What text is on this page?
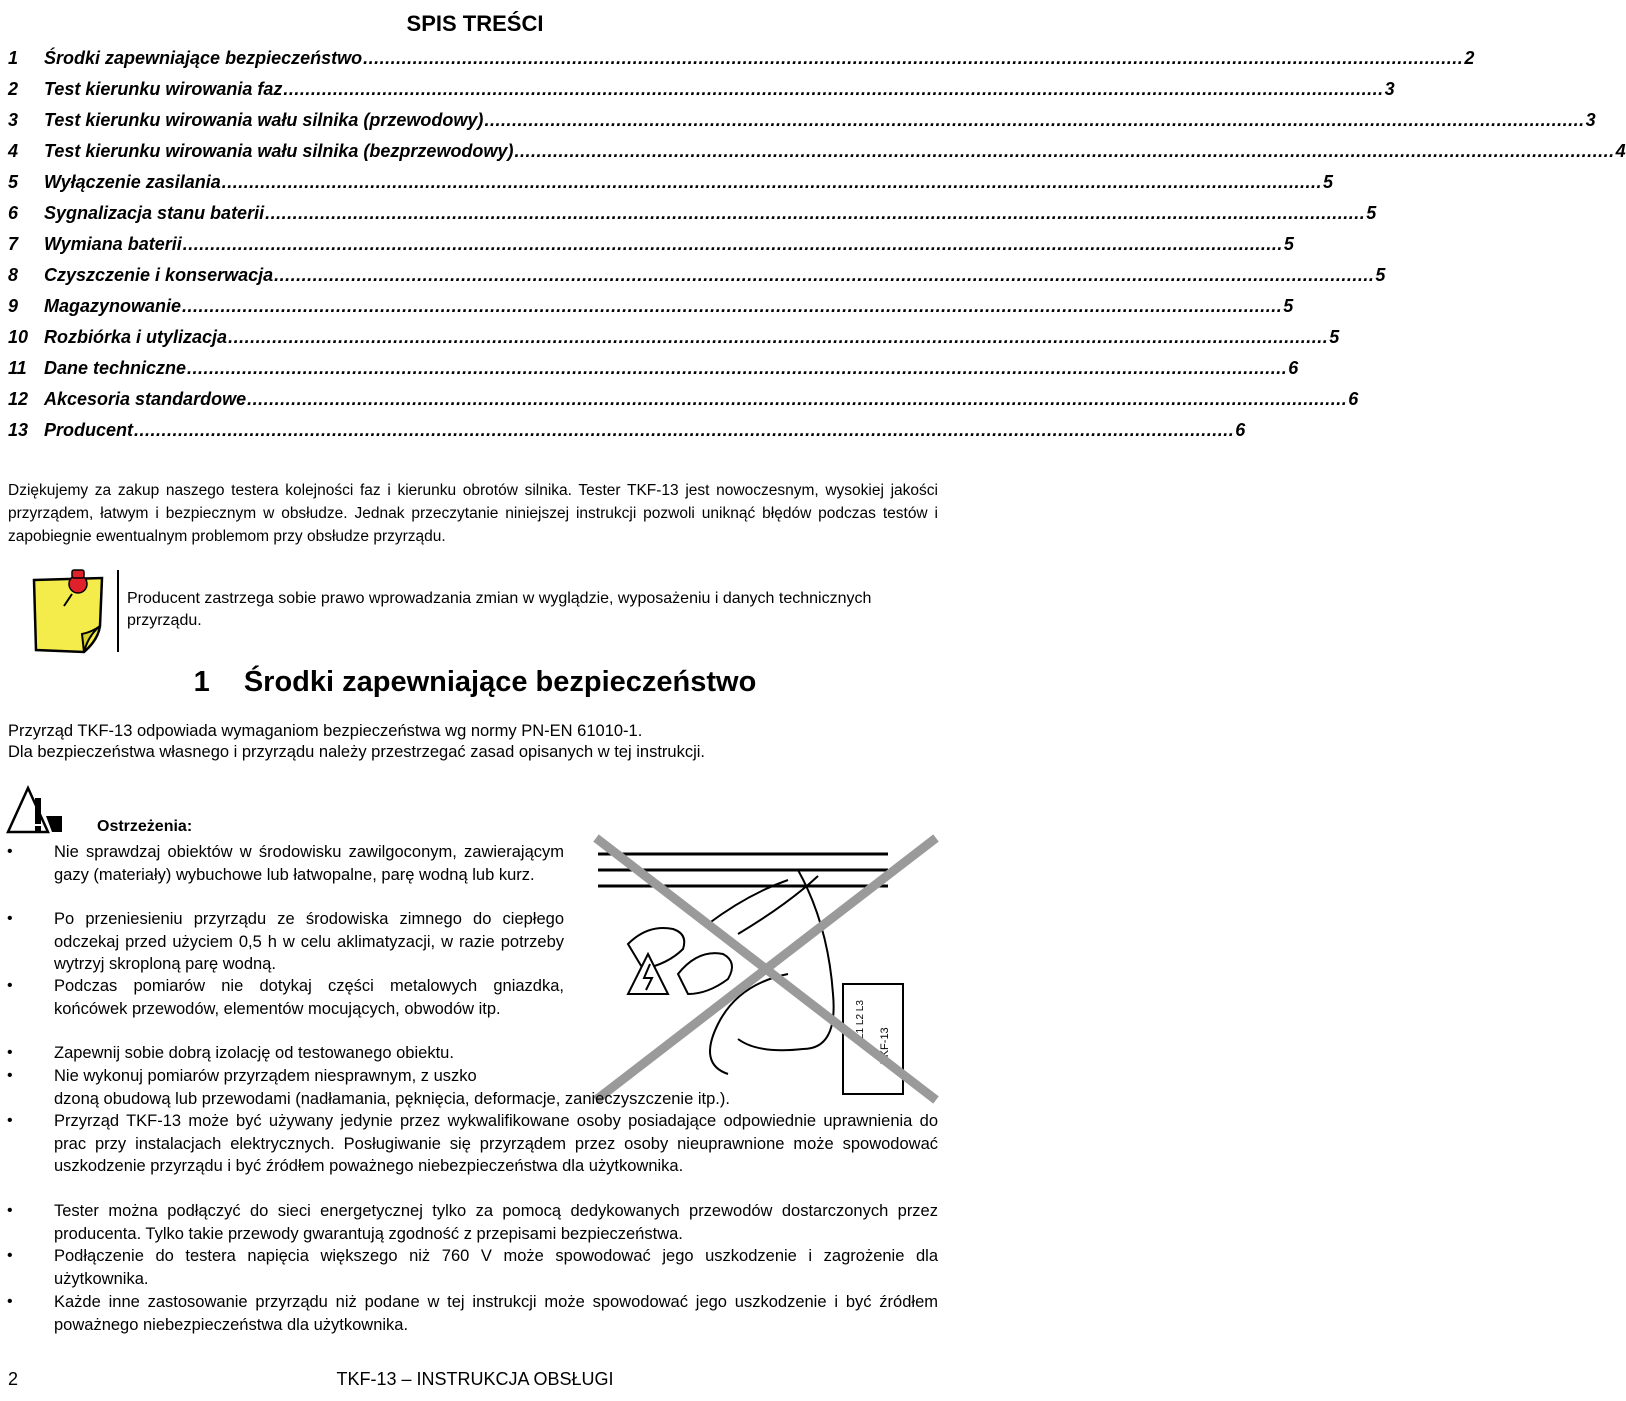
SPIS TREŚCI
1	Środki zapewniające bezpieczeństwo ........................................................................................................................................................................................................ 2
2	Test kierunku wirowania faz ........................................................................................................................................................................................................ 3
3	Test kierunku wirowania wału silnika (przewodowy) ........................................................................................................................................................................................................ 3
4	Test kierunku wirowania wału silnika (bezprzewodowy) ........................................................................................................................................................................................................ 4
5	Wyłączenie zasilania ........................................................................................................................................................................................................ 5
6	Sygnalizacja stanu baterii ........................................................................................................................................................................................................ 5
7	Wymiana baterii ........................................................................................................................................................................................................ 5
8	Czyszczenie i konserwacja ........................................................................................................................................................................................................ 5
9	Magazynowanie ........................................................................................................................................................................................................ 5
10 Rozbiórka i utylizacja ........................................................................................................................................................................................................ 5
11 Dane techniczne ........................................................................................................................................................................................................ 6
12 Akcesoria standardowe ........................................................................................................................................................................................................ 6
13 Producent ........................................................................................................................................................................................................ 6
Dziękujemy za zakup naszego testera kolejności faz i kierunku obrotów silnika. Tester TKF-13 jest nowoczesnym, wysokiej jakości przyrządem, łatwym i bezpiecznym w obsłudze. Jednak przeczytanie niniejszej instrukcji pozwoli uniknąć błędów podczas testów i zapobiegnie ewentualnym problemom przy obsłudze przyrządu.
Producent zastrzega sobie prawo wprowadzania zmian w wyglądzie, wyposażeniu i danych technicznych przyrządu.
1 Środki zapewniające bezpieczeństwo
Przyrząd TKF-13 odpowiada wymaganiom bezpieczeństwa wg normy PN-EN 61010-1.
Dla bezpieczeństwa własnego i przyrządu należy przestrzegać zasad opisanych w tej instrukcji.
Ostrzeżenia:
L1 L2 L3
TKF-13
• Nie sprawdzaj obiektów w środowisku zawilgoconym, zawierającym gazy (materiały) wybuchowe lub łatwopalne, parę wodną lub kurz.
• Po przeniesieniu przyrządu ze środowiska zimnego do ciepłego odczekaj przed użyciem 0,5 h w celu aklimatyzacji, w razie potrzeby wytrzyj skroploną parę wodną.
• Podczas pomiarów nie dotykaj części metalowych gniazdka, końcówek przewodów, elementów mocujących, obwodów itp.
• Zapewnij sobie dobrą izolację od testowanego obiektu.
• Nie wykonuj pomiarów przyrządem niesprawnym, z uszko
dzoną obudową lub przewodami (nadłamania, pęknięcia, deformacje, zanieczyszczenie itp.).
• Przyrząd TKF-13 może być używany jedynie przez wykwalifikowane osoby posiadające odpowiednie uprawnienia do prac przy instalacjach elektrycznych. Posługiwanie się przyrządem przez osoby nieuprawnione może spowodować uszkodzenie przyrządu i być źródłem poważnego niebezpieczeństwa dla użytkownika.
• Tester można podłączyć do sieci energetycznej tylko za pomocą dedykowanych przewodów dostarczonych przez producenta. Tylko takie przewody gwarantują zgodność z przepisami bezpieczeństwa.
• Podłączenie do testera napięcia większego niż 760 V może spowodować jego uszkodzenie i zagrożenie dla użytkownika.
• Każde inne zastosowanie przyrządu niż podane w tej instrukcji może spowodować jego uszkodzenie i być źródłem poważnego niebezpieczeństwa dla użytkownika.
2	TKF-13 – INSTRUKCJA OBSŁUGI
